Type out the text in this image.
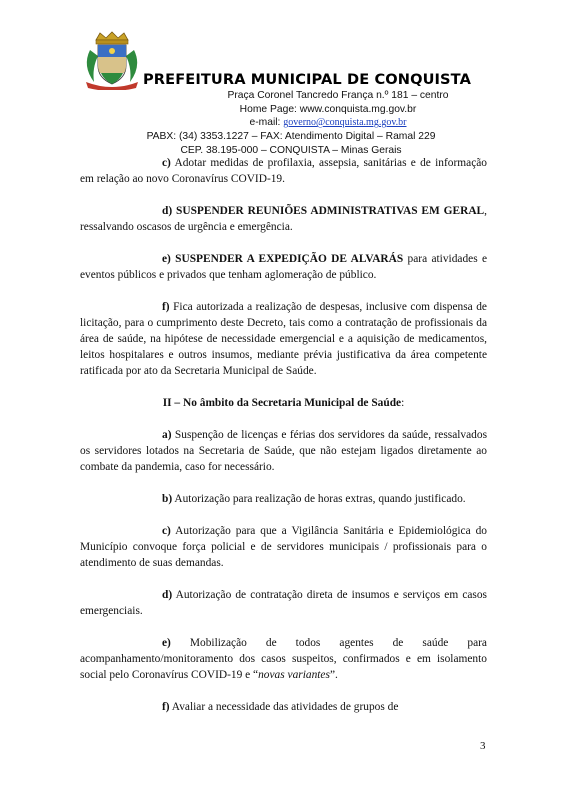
PREFEITURA MUNICIPAL DE CONQUISTA
Praça Coronel Tancredo França n.º 181 – centro
Home Page: www.conquista.mg.gov.br
e-mail: governo@conquista.mg.gov.br
PABX: (34) 3353.1227 – FAX: Atendimento Digital – Ramal 229
CEP. 38.195-000 – CONQUISTA – Minas Gerais

c) Adotar medidas de profilaxia, assepsia, sanitárias e de informação em relação ao novo Coronavírus COVID-19.

d) SUSPENDER REUNIÕES ADMINISTRATIVAS EM GERAL, ressalvando oscasos de urgência e emergência.

e) SUSPENDER A EXPEDIÇÃO DE ALVARÁS para atividades e eventos públicos e privados que tenham aglomeração de público.

f) Fica autorizada a realização de despesas, inclusive com dispensa de licitação, para o cumprimento deste Decreto, tais como a contratação de profissionais da área de saúde, na hipótese de necessidade emergencial e a aquisição de medicamentos, leitos hospitalares e outros insumos, mediante prévia justificativa da área competente ratificada por ato da Secretaria Municipal de Saúde.

II – No âmbito da Secretaria Municipal de Saúde:

a) Suspenção de licenças e férias dos servidores da saúde, ressalvados os servidores lotados na Secretaria de Saúde, que não estejam ligados diretamente ao combate da pandemia, caso for necessário.

b) Autorização para realização de horas extras, quando justificado.

c) Autorização para que a Vigilância Sanitária e Epidemiológica do Município convoque força policial e de servidores municipais / profissionais para o atendimento de suas demandas.

d) Autorização de contratação direta de insumos e serviços em casos emergenciais.

e) Mobilização de todos agentes de saúde para acompanhamento/monitoramento dos casos suspeitos, confirmados e em isolamento social pelo Coronavírus COVID-19 e “novas variantes”.

f) Avaliar a necessidade das atividades de grupos de

3
